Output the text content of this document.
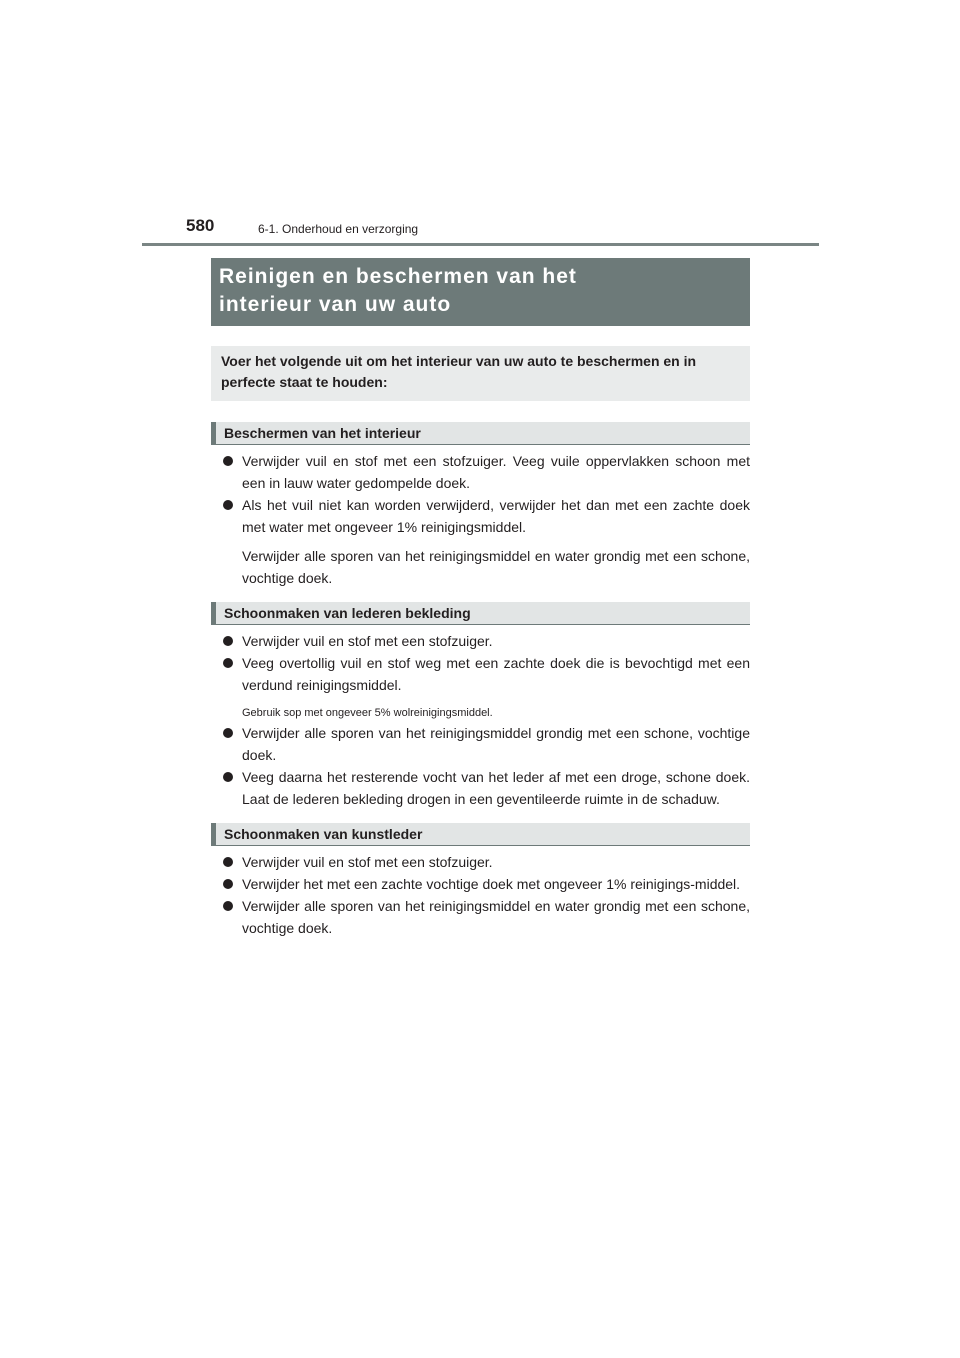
580	6-1. Onderhoud en verzorging
Reinigen en beschermen van het
interieur van uw auto
Voer het volgende uit om het interieur van uw auto te beschermen en in perfecte staat te houden:
Beschermen van het interieur
Verwijder vuil en stof met een stofzuiger. Veeg vuile oppervlakken schoon met een in lauw water gedompelde doek.
Als het vuil niet kan worden verwijderd, verwijder het dan met een zachte doek met water met ongeveer 1% reinigingsmiddel.
Verwijder alle sporen van het reinigingsmiddel en water grondig met een schone, vochtige doek.
Schoonmaken van lederen bekleding
Verwijder vuil en stof met een stofzuiger.
Veeg overtollig vuil en stof weg met een zachte doek die is bevochtigd met een verdund reinigingsmiddel.
Gebruik sop met ongeveer 5% wolreinigingsmiddel.
Verwijder alle sporen van het reinigingsmiddel grondig met een schone, vochtige doek.
Veeg daarna het resterende vocht van het leder af met een droge, schone doek. Laat de lederen bekleding drogen in een geventileerde ruimte in de schaduw.
Schoonmaken van kunstleder
Verwijder vuil en stof met een stofzuiger.
Verwijder het met een zachte vochtige doek met ongeveer 1% reinigings-middel.
Verwijder alle sporen van het reinigingsmiddel en water grondig met een schone, vochtige doek.
